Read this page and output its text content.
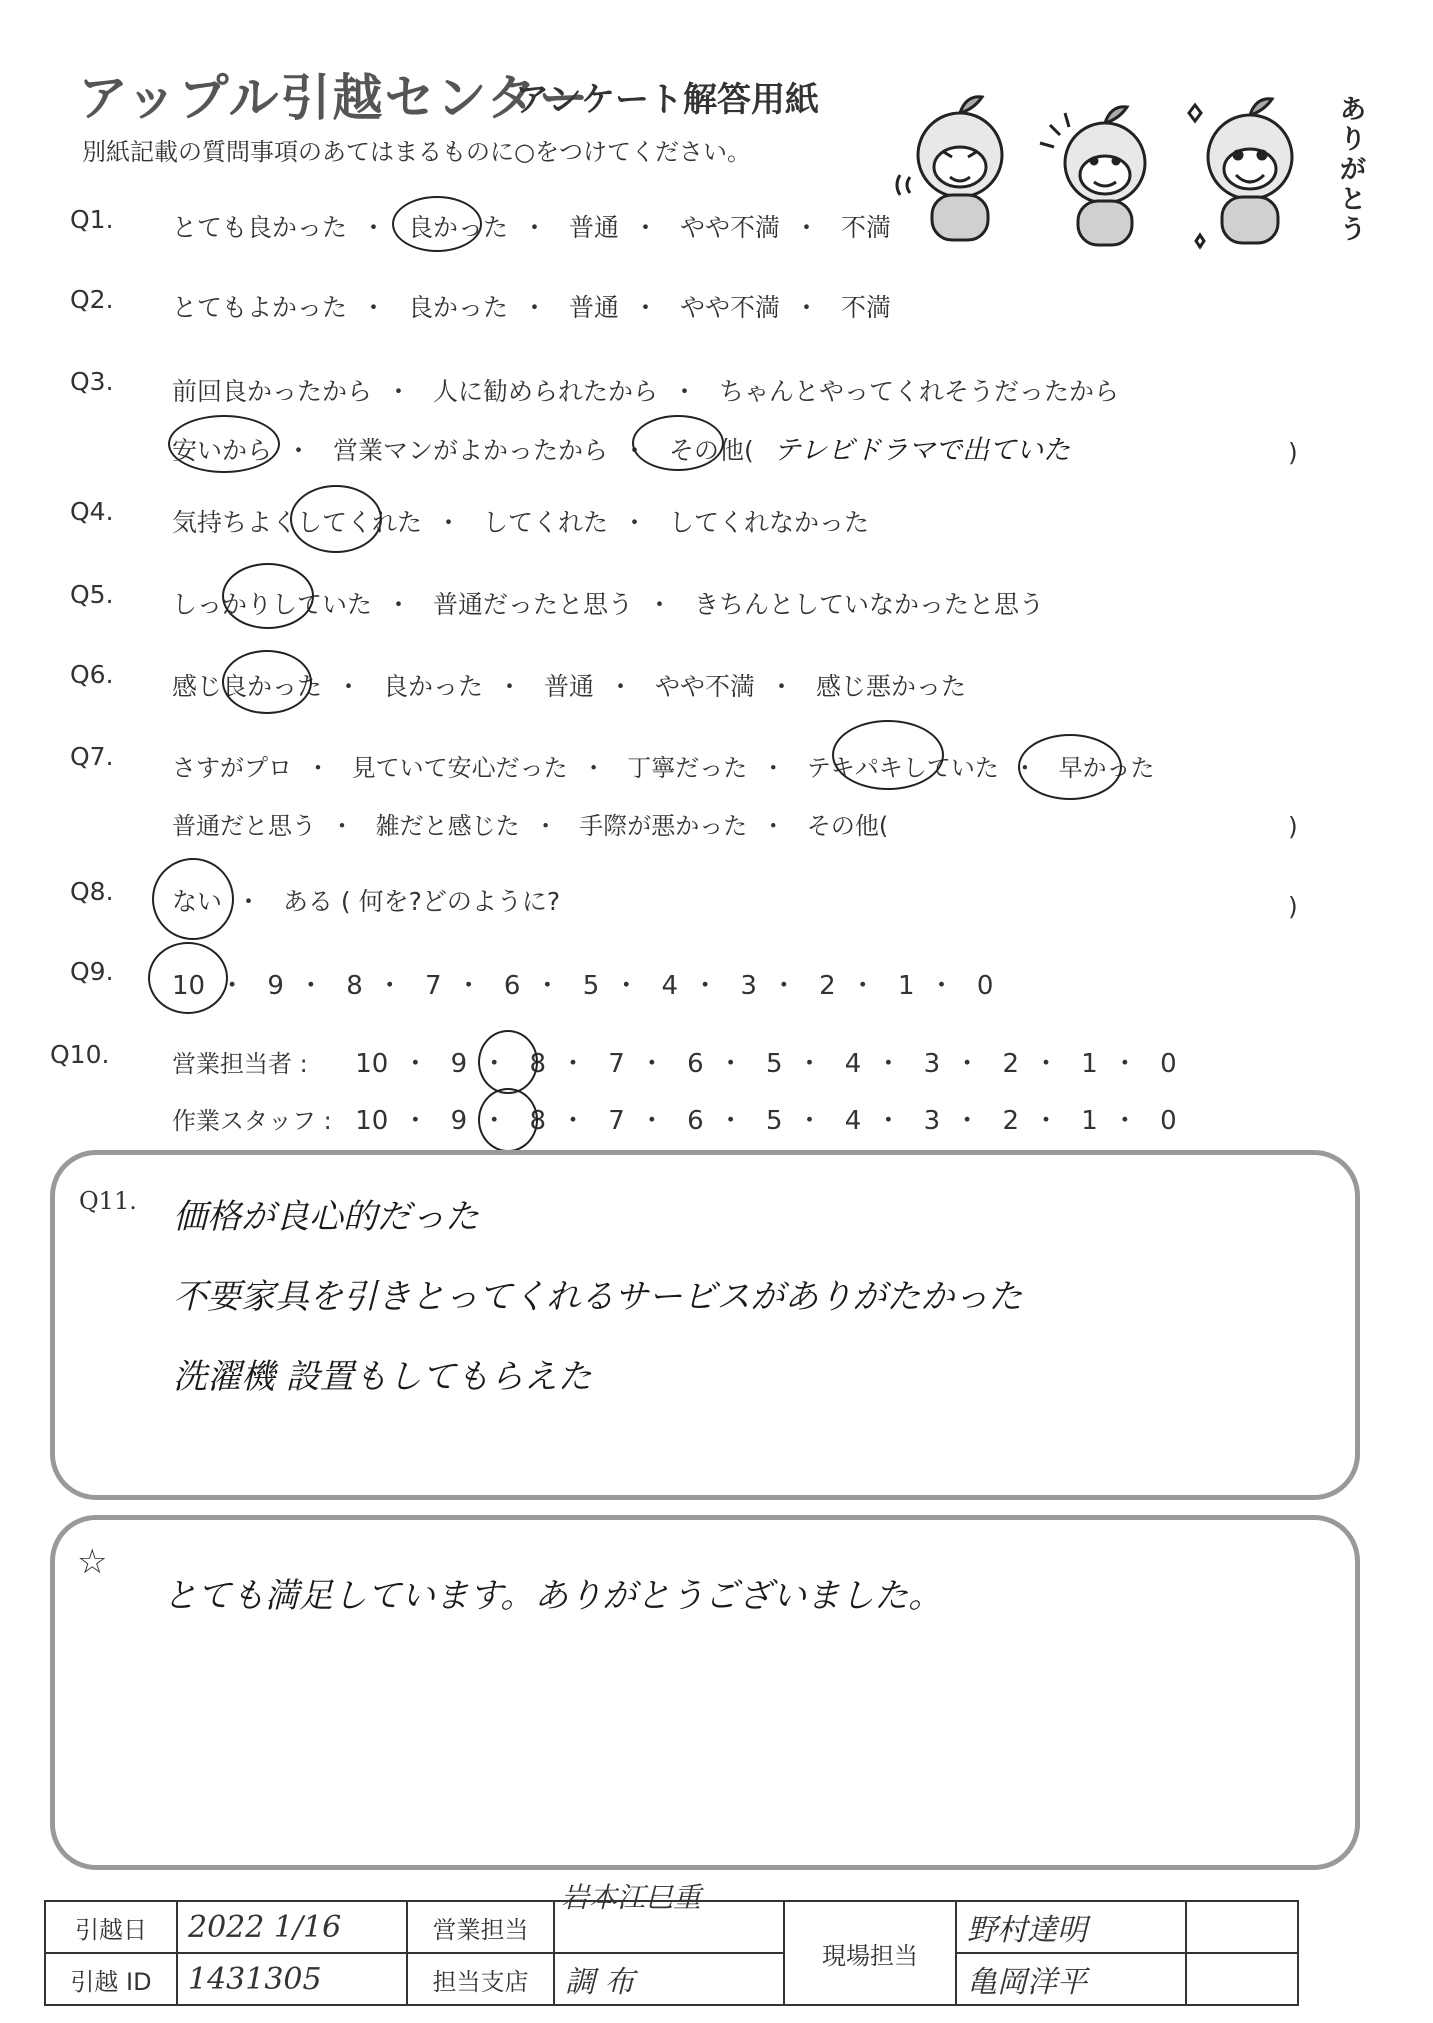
アップル引越センター
アンケート解答用紙
別紙記載の質問事項のあてはまるものに○をつけてください。
ありがとう
Q1. とても良かった ・ 良かった ・ 普通 ・ やや不満 ・ 不満
Q2. とてもよかった ・ 良かった ・ 普通 ・ やや不満 ・ 不満
Q3. 前回良かったから ・ 人に勧められたから ・ ちゃんとやってくれそうだったから
安いから ・ 営業マンがよかったから ・ その他( テレビドラマで出ていた	)
Q4. 気持ちよくしてくれた ・ してくれた ・ してくれなかった
Q5. しっかりしていた ・ 普通だったと思う ・ きちんとしていなかったと思う
Q6. 感じ良かった ・ 良かった ・ 普通 ・ やや不満 ・ 感じ悪かった
Q7. さすがプロ ・ 見ていて安心だった ・ 丁寧だった ・ テキパキしていた ・ 早かった
普通だと思う ・ 雑だと感じた ・ 手際が悪かった ・ その他(	)
Q8. ない ・ ある ( 何を?どのように?	)
Q9. 10 ・ 9 ・ 8 ・ 7 ・ 6 ・ 5 ・ 4 ・ 3 ・ 2 ・ 1 ・ 0
Q10.	営業担当者 : 10 ・ 9 ・ 8 ・ 7 ・ 6 ・ 5 ・ 4 ・ 3 ・ 2 ・ 1 ・ 0
作業スタッフ : 10 ・ 9 ・ 8 ・ 7 ・ 6 ・ 5 ・ 4 ・ 3 ・ 2 ・ 1 ・ 0
Q11. 価格が良心的だった
不要家具を引きとってくれるサービスがありがたかった
洗濯機 設置もしてもらえた
☆
とても満足しています。ありがとうございました。
引越日	2022 1/16	営業担当	岩本江巳重	現場担当	野村達明	
引越 ID	1431305	担当支店	調 布		亀岡洋平	
